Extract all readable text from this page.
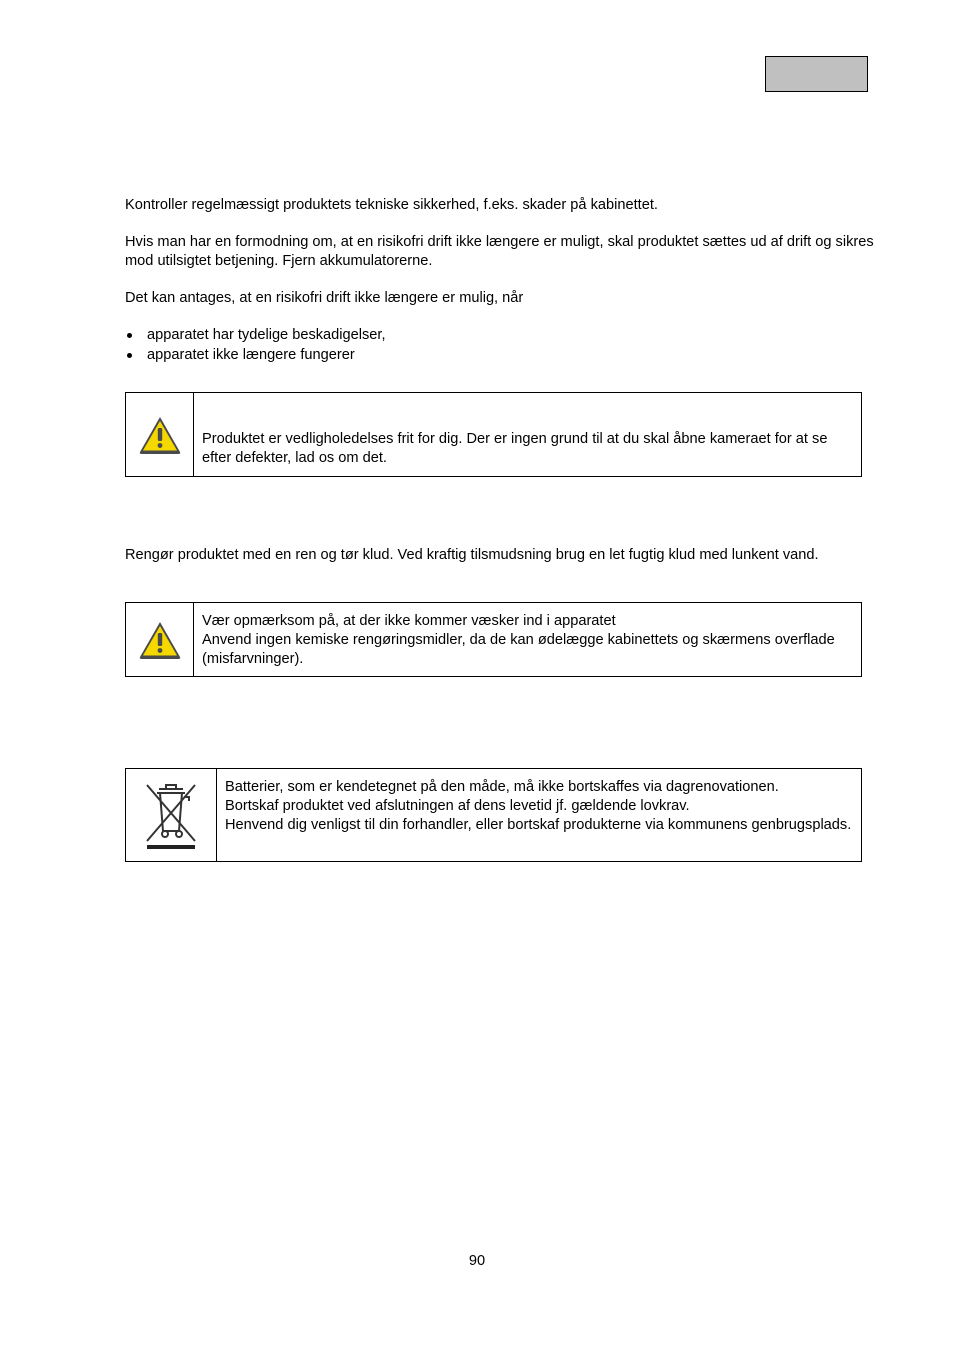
Kontroller regelmæssigt produktets tekniske sikkerhed, f.eks. skader på kabinettet.

Hvis man har en formodning om, at en risikofri drift ikke længere er muligt, skal produktet sættes ud af drift og sikres mod utilsigtet betjening. Fjern akkumulatorerne.

Det kan antages, at en risikofri drift ikke længere er mulig, når

apparatet har tydelige beskadigelser,
apparatet ikke længere fungerer
Produktet er vedligholedelses frit for dig. Der er ingen grund til at du skal åbne kameraet for at se efter defekter, lad os om det.

Rengør produktet med en ren og tør klud. Ved kraftig tilsmudsning brug en let fugtig klud med lunkent vand.

Vær opmærksom på, at der ikke kommer væsker ind i apparatet
Anvend ingen kemiske rengøringsmidler, da de kan ødelægge kabinettets og skærmens overflade (misfarvninger).
Batterier, som er kendetegnet på den måde, må ikke bortskaffes via dagrenovationen.
Bortskaf produktet ved afslutningen af dens levetid jf. gældende lovkrav.
Henvend dig venligst til din forhandler, eller bortskaf produkterne via kommunens genbrugsplads.
90
